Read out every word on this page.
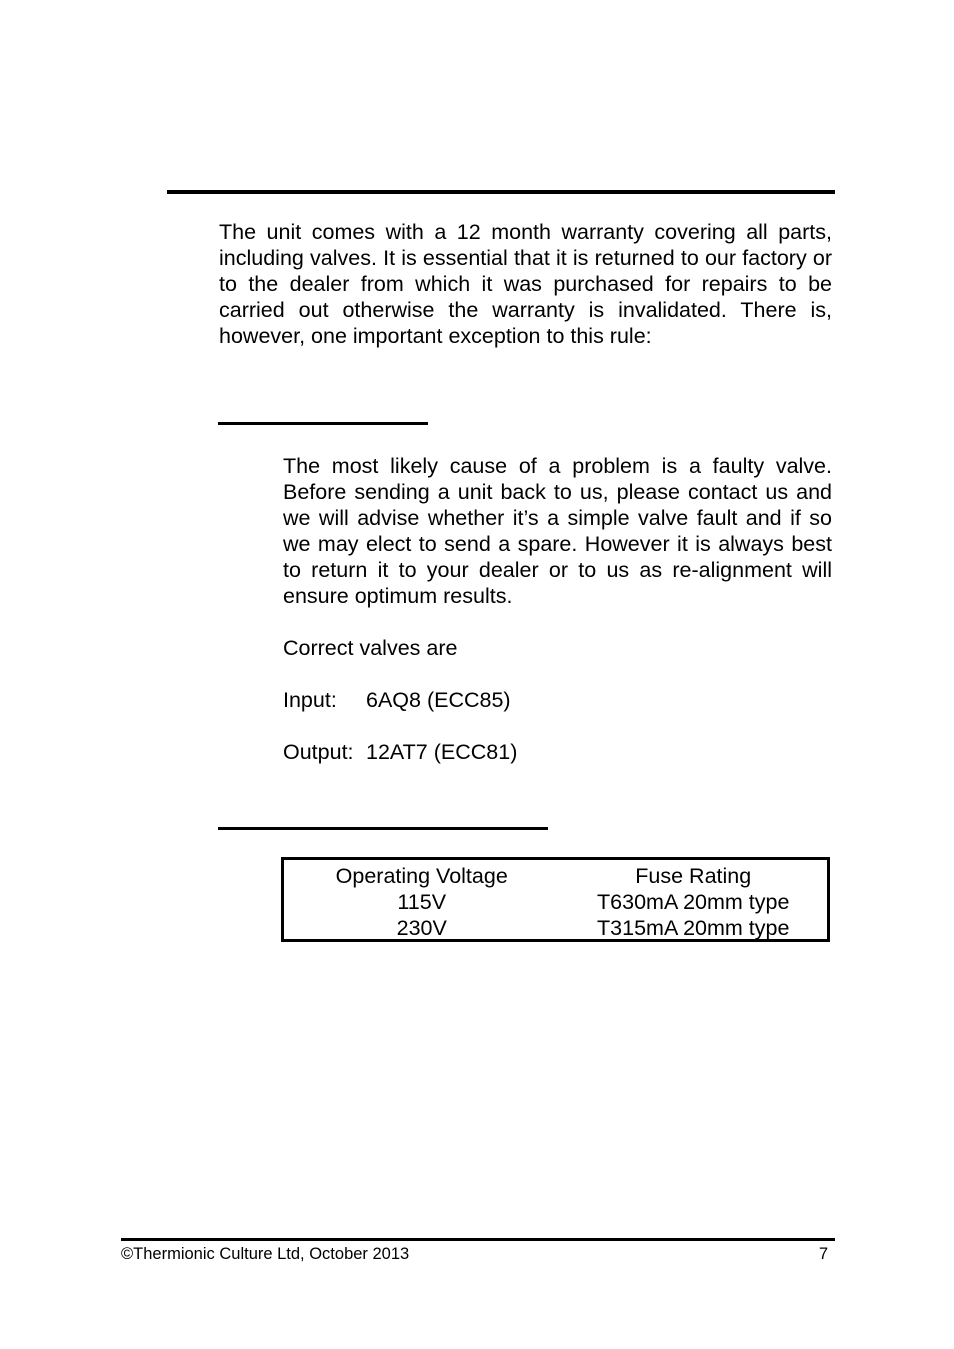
The unit comes with a 12 month warranty covering all parts, including valves. It is essential that it is returned to our factory or to the dealer from which it was purchased for repairs to be carried out otherwise the warranty is invalidated. There is, however, one important exception to this rule:

The most likely cause of a problem is a faulty valve. Before sending a unit back to us, please contact us and we will advise whether it’s a simple valve fault and if so we may elect to send a spare. However it is always best to return it to your dealer or to us as re-alignment will ensure optimum results.

Correct valves are
Input: 6AQ8 (ECC85)
Output: 12AT7 (ECC81)
Operating Voltage	Fuse Rating
115V	T630mA 20mm type
230V	T315mA 20mm type
©Thermionic Culture Ltd, October 2013	7
